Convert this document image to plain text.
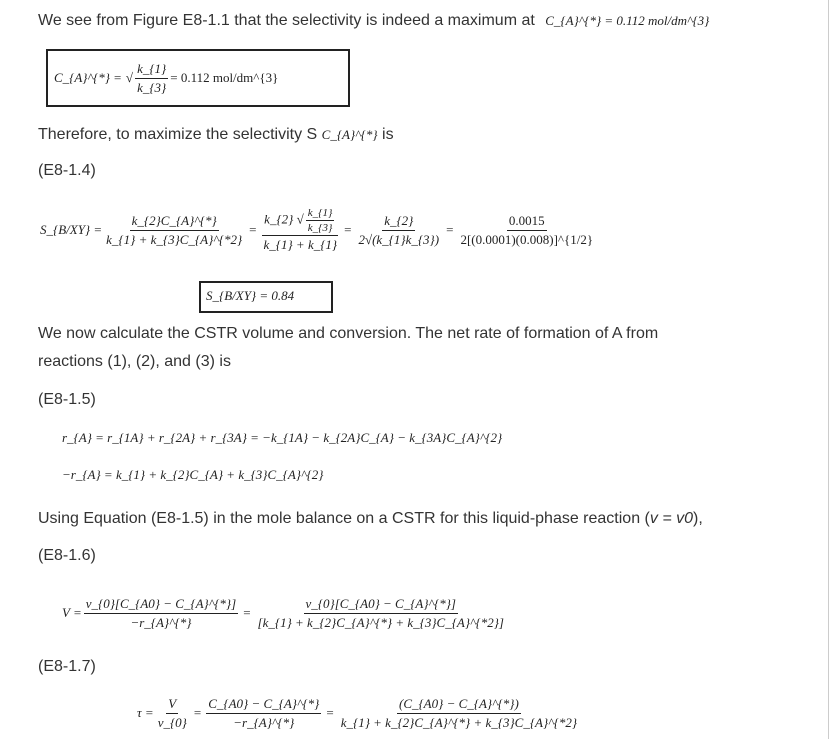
We see from Figure E8-1.1 that the selectivity is indeed a maximum at C_{A}^{*} = 0.112 mol/dm^{3}
C_{A}^{*} = √ $\frac{k\_\{1\}}{k\_\{3\}} = 0.112$ mol/dm^{3}
Therefore, to maximize the selectivity S C_{A}^{*} is
(E8-1.4)
S_{B/XY} = $\frac{k\_\{2\}C\_\{A\}\^{}\{*\}}{k\_\{1\} + k\_\{3\}C\_\{A\}\^{}\{*2\}} = \frac{k\_\{2\} √ \frac{k\_\{1\}}{k\_\{3\}}}{k\_\{1\} + k\_\{1\}} = \frac{k\_\{2\}}{2√(k\_\{1\}k\_\{3\})} = \frac{0.0015}{2[(0.0001)(0.008)]\^{}\{1/2\}}$
S_{B/XY} = 0.84
We now calculate the CSTR volume and conversion. The net rate of formation of A from
reactions (1), (2), and (3) is
(E8-1.5)
r_{A} = r_{1A} + r_{2A} + r_{3A} = −k_{1A} − k_{2A}C_{A} − k_{3A}C_{A}^{2}
−r_{A} = k_{1} + k_{2}C_{A} + k_{3}C_{A}^{2}
Using Equation (E8-1.5) in the mole balance on a CSTR for this liquid-phase reaction (v = v0),
(E8-1.6)
$V = \frac{v\_\{0\}[C\_\{A0\} - C\_\{A\}\^{}\{*\}]}{-r\_\{A\}\^{}\{*\}} = \frac{v\_\{0\}[C\_\{A0\} - C\_\{A\}\^{}\{*\}]}{[k\_\{1\} + k\_\{2\}C\_\{A\}\^{}\{*\} + k\_\{3\}C\_\{A\}\^{}\{*2\}]}$
(E8-1.7)
$\tau = \frac{V}{v\_\{0\}} = \frac{C\_\{A0\} - C\_\{A\}\^{}\{*\}}{-r\_\{A\}\^{}\{*\}} = \frac{(C\_\{A0\} - C\_\{A\}\^{}\{*\})}{k\_\{1\} + k\_\{2\}C\_\{A\}\^{}\{*\} + k\_\{3\}C\_\{A\}\^{}\{*2\}}$
